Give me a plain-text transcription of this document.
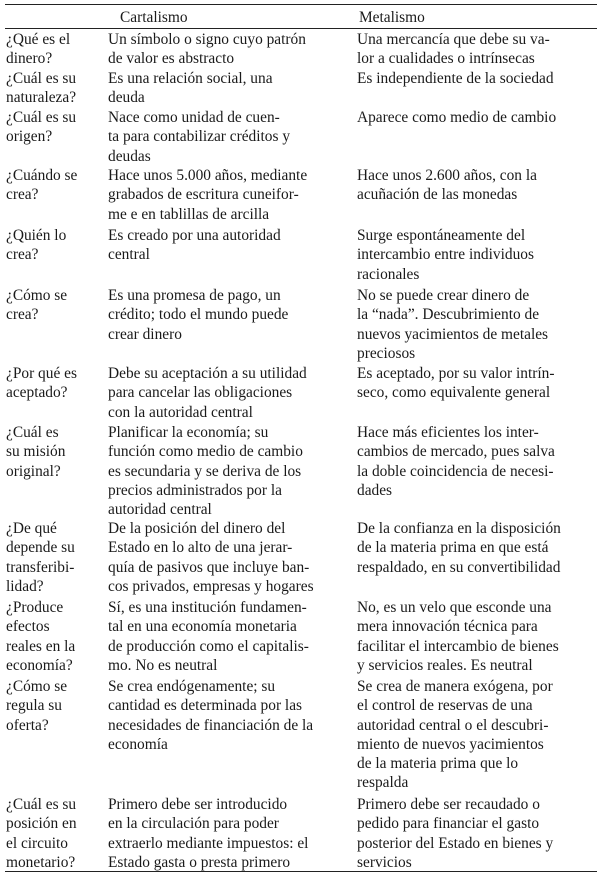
Cartalismo	Metalismo
¿Qué es el
dinero?
Un símbolo o signo cuyo patrón
de valor es abstracto
Una mercancía que debe su va-
lor a cualidades o intrínsecas
¿Cuál es su
naturaleza?
Es una relación social, una
deuda
Es independiente de la sociedad
¿Cuál es su
origen?
Nace como unidad de cuen-
ta para contabilizar créditos y
deudas
Aparece como medio de cambio
¿Cuándo se
crea?
Hace unos 5.000 años, mediante
grabados de escritura cuneifor-
me e en tablillas de arcilla
Hace unos 2.600 años, con la
acuñación de las monedas
¿Quién lo
crea?
Es creado por una autoridad
central
Surge espontáneamente del
intercambio entre individuos
racionales
¿Cómo se
crea?
Es una promesa de pago, un
crédito; todo el mundo puede
crear dinero
No se puede crear dinero de
la “nada”. Descubrimiento de
nuevos yacimientos de metales
preciosos
¿Por qué es
aceptado?
Debe su aceptación a su utilidad
para cancelar las obligaciones
con la autoridad central
Es aceptado, por su valor intrín-
seco, como equivalente general
¿Cuál es
su misión
original?
Planificar la economía; su
función como medio de cambio
es secundaria y se deriva de los
precios administrados por la
autoridad central
Hace más eficientes los inter-
cambios de mercado, pues salva
la doble coincidencia de necesi-
dades
¿De qué
depende su
transferibi-
lidad?
De la posición del dinero del
Estado en lo alto de una jerar-
quía de pasivos que incluye ban-
cos privados, empresas y hogares
De la confianza en la disposición
de la materia prima en que está
respaldado, en su convertibilidad
¿Produce
efectos
reales en la
economía?
Sí, es una institución fundamen-
tal en una economía monetaria
de producción como el capitalis-
mo. No es neutral
No, es un velo que esconde una
mera innovación técnica para
facilitar el intercambio de bienes
y servicios reales. Es neutral
¿Cómo se
regula su
oferta?
Se crea endógenamente; su
cantidad es determinada por las
necesidades de financiación de la
economía
Se crea de manera exógena, por
el control de reservas de una
autoridad central o el descubri-
miento de nuevos yacimientos
de la materia prima que lo
respalda
¿Cuál es su
posición en
el circuito
monetario?
Primero debe ser introducido
en la circulación para poder
extraerlo mediante impuestos: el
Estado gasta o presta primero
Primero debe ser recaudado o
pedido para financiar el gasto
posterior del Estado en bienes y
servicios
